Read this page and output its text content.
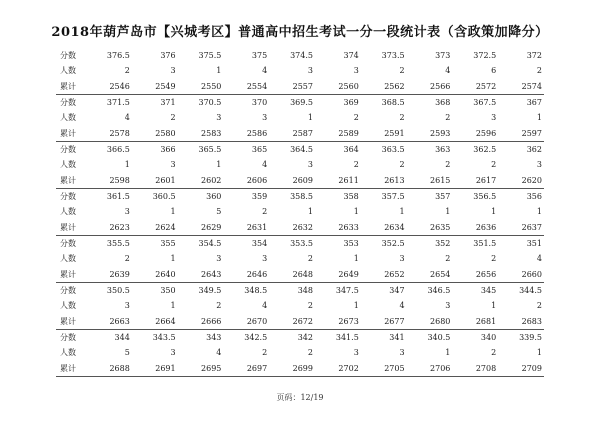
2018年葫芦岛市【兴城考区】普通高中招生考试一分一段统计表（含政策加降分）
分数	376.5	376	375.5	375	374.5	374	373.5	373	372.5	372
人数	2	3	1	4	3	3	2	4	6	2
累计	2546	2549	2550	2554	2557	2560	2562	2566	2572	2574
分数	371.5	371	370.5	370	369.5	369	368.5	368	367.5	367
人数	4	2	3	3	1	2	2	2	3	1
累计	2578	2580	2583	2586	2587	2589	2591	2593	2596	2597
分数	366.5	366	365.5	365	364.5	364	363.5	363	362.5	362
人数	1	3	1	4	3	2	2	2	2	3
累计	2598	2601	2602	2606	2609	2611	2613	2615	2617	2620
分数	361.5	360.5	360	359	358.5	358	357.5	357	356.5	356
人数	3	1	5	2	1	1	1	1	1	1
累计	2623	2624	2629	2631	2632	2633	2634	2635	2636	2637
分数	355.5	355	354.5	354	353.5	353	352.5	352	351.5	351
人数	2	1	3	3	2	1	3	2	2	4
累计	2639	2640	2643	2646	2648	2649	2652	2654	2656	2660
分数	350.5	350	349.5	348.5	348	347.5	347	346.5	345	344.5
人数	3	1	2	4	2	1	4	3	1	2
累计	2663	2664	2666	2670	2672	2673	2677	2680	2681	2683
分数	344	343.5	343	342.5	342	341.5	341	340.5	340	339.5
人数	5	3	4	2	2	3	3	1	2	1
累计	2688	2691	2695	2697	2699	2702	2705	2706	2708	2709
页码：12/19
